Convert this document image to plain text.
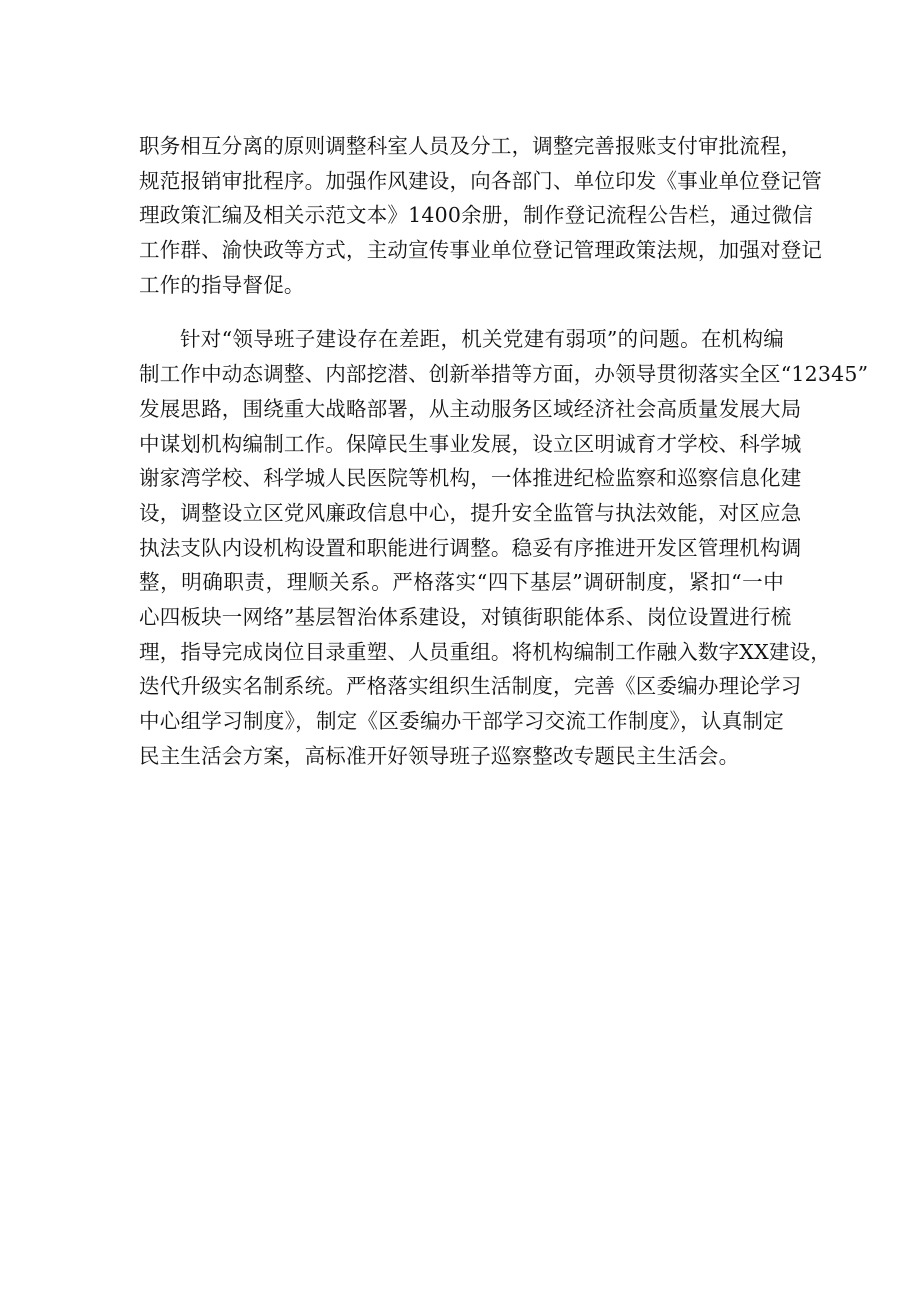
职务相互分离的原则调整科室人员及分工，调整完善报账支付审批流程，
规范报销审批程序。加强作风建设，向各部门、单位印发《事业单位登记管
理政策汇编及相关示范文本》1400余册，制作登记流程公告栏，通过微信
工作群、渝快政等方式，主动宣传事业单位登记管理政策法规，加强对登记
工作的指导督促。
针对“领导班子建设存在差距，机关党建有弱项”的问题。在机构编
制工作中动态调整、内部挖潜、创新举措等方面，办领导贯彻落实全区“12345”
发展思路，围绕重大战略部署，从主动服务区域经济社会高质量发展大局
中谋划机构编制工作。保障民生事业发展，设立区明诚育才学校、科学城
谢家湾学校、科学城人民医院等机构，一体推进纪检监察和巡察信息化建
设，调整设立区党风廉政信息中心，提升安全监管与执法效能，对区应急
执法支队内设机构设置和职能进行调整。稳妥有序推进开发区管理机构调
整，明确职责，理顺关系。严格落实“四下基层”调研制度，紧扣“一中
心四板块一网络”基层智治体系建设，对镇街职能体系、岗位设置进行梳
理，指导完成岗位目录重塑、人员重组。将机构编制工作融入数字XX建设，
迭代升级实名制系统。严格落实组织生活制度，完善《区委编办理论学习
中心组学习制度》，制定《区委编办干部学习交流工作制度》，认真制定
民主生活会方案，高标准开好领导班子巡察整改专题民主生活会。
